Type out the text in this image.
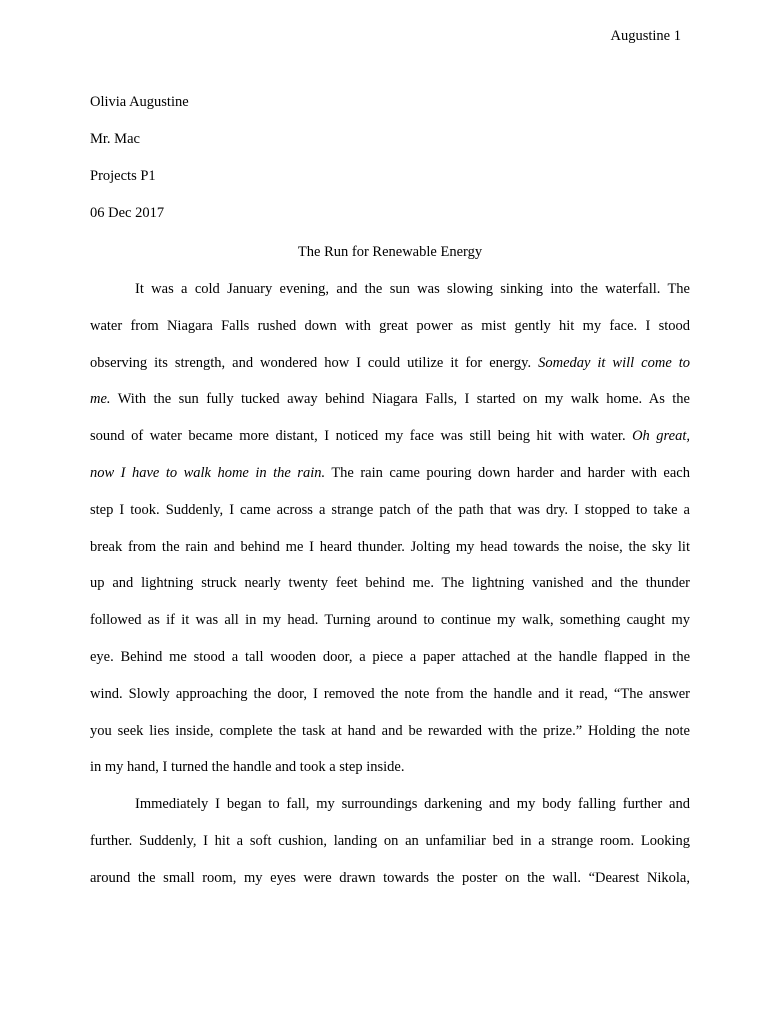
Augustine 1
Olivia Augustine
Mr. Mac
Projects P1
06 Dec 2017
The Run for Renewable Energy
It was a cold January evening, and the sun was slowing sinking into the waterfall. The
water from Niagara Falls rushed down with great power as mist gently hit my face. I stood
observing its strength, and wondered how I could utilize it for energy. Someday it will come to
me. With the sun fully tucked away behind Niagara Falls, I started on my walk home. As the
sound of water became more distant, I noticed my face was still being hit with water. Oh great,
now I have to walk home in the rain. The rain came pouring down harder and harder with each
step I took. Suddenly, I came across a strange patch of the path that was dry. I stopped to take a
break from the rain and behind me I heard thunder. Jolting my head towards the noise, the sky lit
up and lightning struck nearly twenty feet behind me. The lightning vanished and the thunder
followed as if it was all in my head. Turning around to continue my walk, something caught my
eye. Behind me stood a tall wooden door, a piece a paper attached at the handle flapped in the
wind. Slowly approaching the door, I removed the note from the handle and it read, “The answer
you seek lies inside, complete the task at hand and be rewarded with the prize.” Holding the note
in my hand, I turned the handle and took a step inside.
Immediately I began to fall, my surroundings darkening and my body falling further and
further. Suddenly, I hit a soft cushion, landing on an unfamiliar bed in a strange room. Looking
around the small room, my eyes were drawn towards the poster on the wall. “Dearest Nikola,
